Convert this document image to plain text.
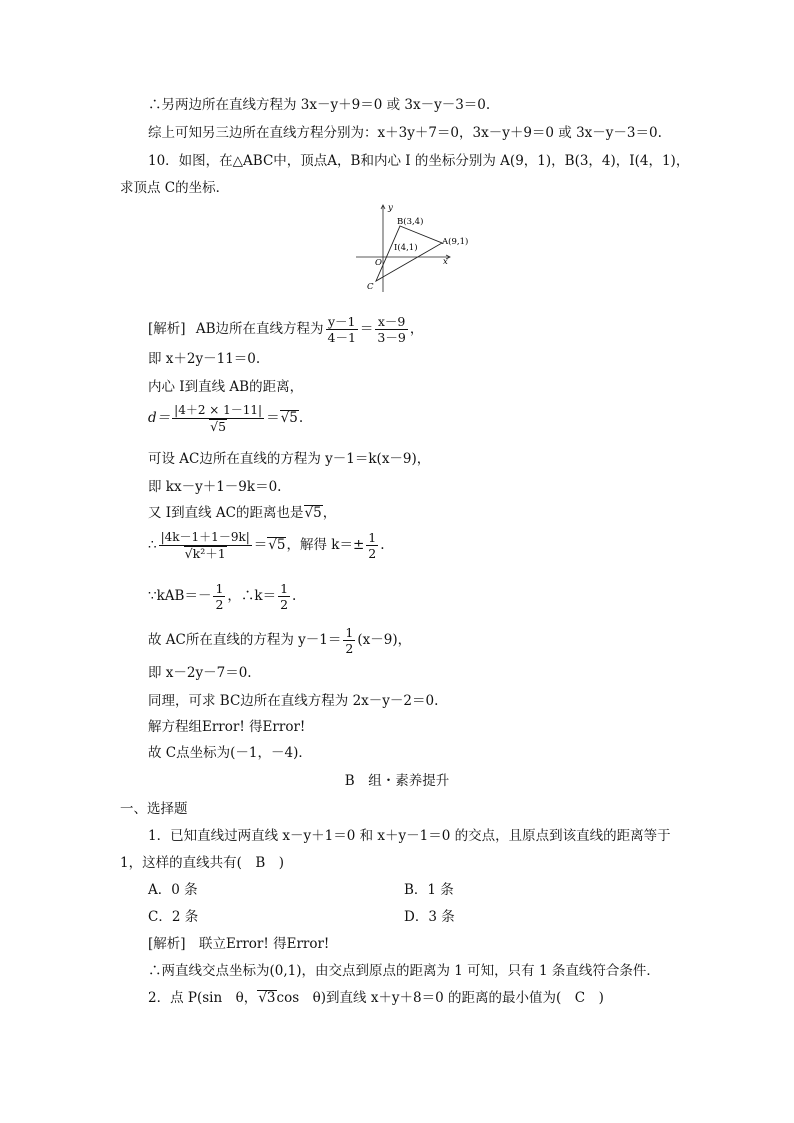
∴另两边所在直线方程为 3x－y＋9＝0 或 3x－y－3＝0.
综上可知另三边所在直线方程分别为：x＋3y＋7＝0，3x－y＋9＝0 或 3x－y－3＝0.
10．如图，在△ABC中，顶点A，B和内心 I 的坐标分别为 A(9，1)，B(3，4)，I(4，1)，
求顶点 C的坐标．
B(3,4)
I(4,1)
A(9,1)
O
C
x
y
[解析] AB边所在直线方程为 $\frac{y-1}{4-1} = \frac{x-9}{3-9}$ ，
即 x＋2y－11＝0.
内心 I到直线 AB的距离，
d＝ |4＋2 × 1－11|
√ 5 ＝ √ 5.
可设 AC边所在直线的方程为 y－1＝k(x－9)，
即 kx－y＋1－9k＝0.
又 I到直线 AC的距离也是 √ 5，
∴ |4k－1＋1－9k|
√ k²＋1 ＝ √ 5，解得 $k=\pm \frac{1}{2}$ .
∵kAB＝－ $\frac{1}{2}$ ，∴k＝ $\frac{1}{2}$ .
故 AC所在直线的方程为 $y-1= \frac{1}{2} (x-9)$，
即 x－2y－7＝0.
同理，可求 BC边所在直线方程为 2x－y－2＝0.
解方程组Error! 得Error!
故 C点坐标为(－1，－4)．
B　组・素养提升
一、选择题
1．已知直线过两直线 x－y＋1＝0 和 x＋y－1＝0 的交点，且原点到该直线的距离等于
1，这样的直线共有(　B　)
A．0 条	B．1 条
C．2 条	D．3 条
[解析]　联立Error! 得Error!
∴两直线交点坐标为(0,1)，由交点到原点的距离为 1 可知，只有 1 条直线符合条件．
2．点 P(sin　θ， √ 3cos　θ)到直线 x＋y＋8＝0 的距离的最小值为(　C　)
